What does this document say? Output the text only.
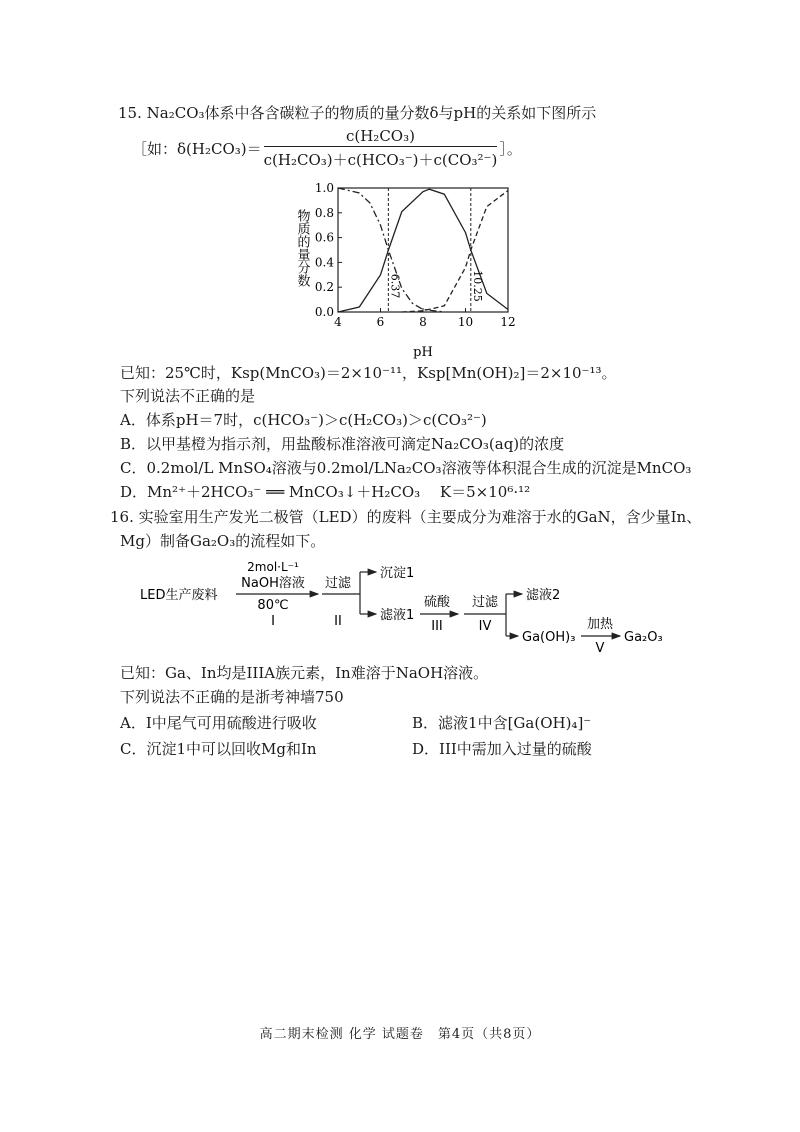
15. Na₂CO₃体系中各含碳粒子的物质的量分数δ与pH的关系如下图所示
［如：$\delta(H_2CO_3)= \frac{\text{c(H₂CO₃)}}{\text{c(H₂CO₃)＋c(HCO₃⁻)＋c(CO₃²⁻)}}$ ］。
物质的量分数
0.0
0.2
0.4
0.6
0.8
1.0
4	6	8	10 12
6.37	10.25
pH
已知：25℃时，Ksp(MnCO₃)＝2×10⁻¹¹，Ksp[Mn(OH)₂]＝2×10⁻¹³。
下列说法不正确的是
A．体系pH＝7时，c(HCO₃⁻)＞c(H₂CO₃)＞c(CO₃²⁻)
B．以甲基橙为指示剂，用盐酸标准溶液可滴定Na₂CO₃(aq)的浓度
C．0.2mol/L MnSO₄溶液与0.2mol/LNa₂CO₃溶液等体积混合生成的沉淀是MnCO₃
D．Mn²⁺＋2HCO₃⁻ ══ MnCO₃↓＋H₂CO₃　 K＝5×10⁶·¹²
16. 实验室用生产发光二极管（LED）的废料（主要成分为难溶于水的GaN，含少量In、
Mg）制备Ga₂O₃的流程如下。
LED生产废料
2mol·L⁻¹
NaOH溶液
80℃
I
过滤
II
沉淀1
滤液1
硫酸
III
过滤
IV
滤液2
Ga(OH)₃
加热
V
Ga₂O₃
已知：Ga、In均是IIIA族元素，In难溶于NaOH溶液。
下列说法不正确的是浙考神墙750
A．I中尾气可用硫酸进行吸收	B．滤液1中含[Ga(OH)₄]⁻
C．沉淀1中可以回收Mg和In	D．III中需加入过量的硫酸
高二期末检测 化学 试题卷　第4页（共8页）
